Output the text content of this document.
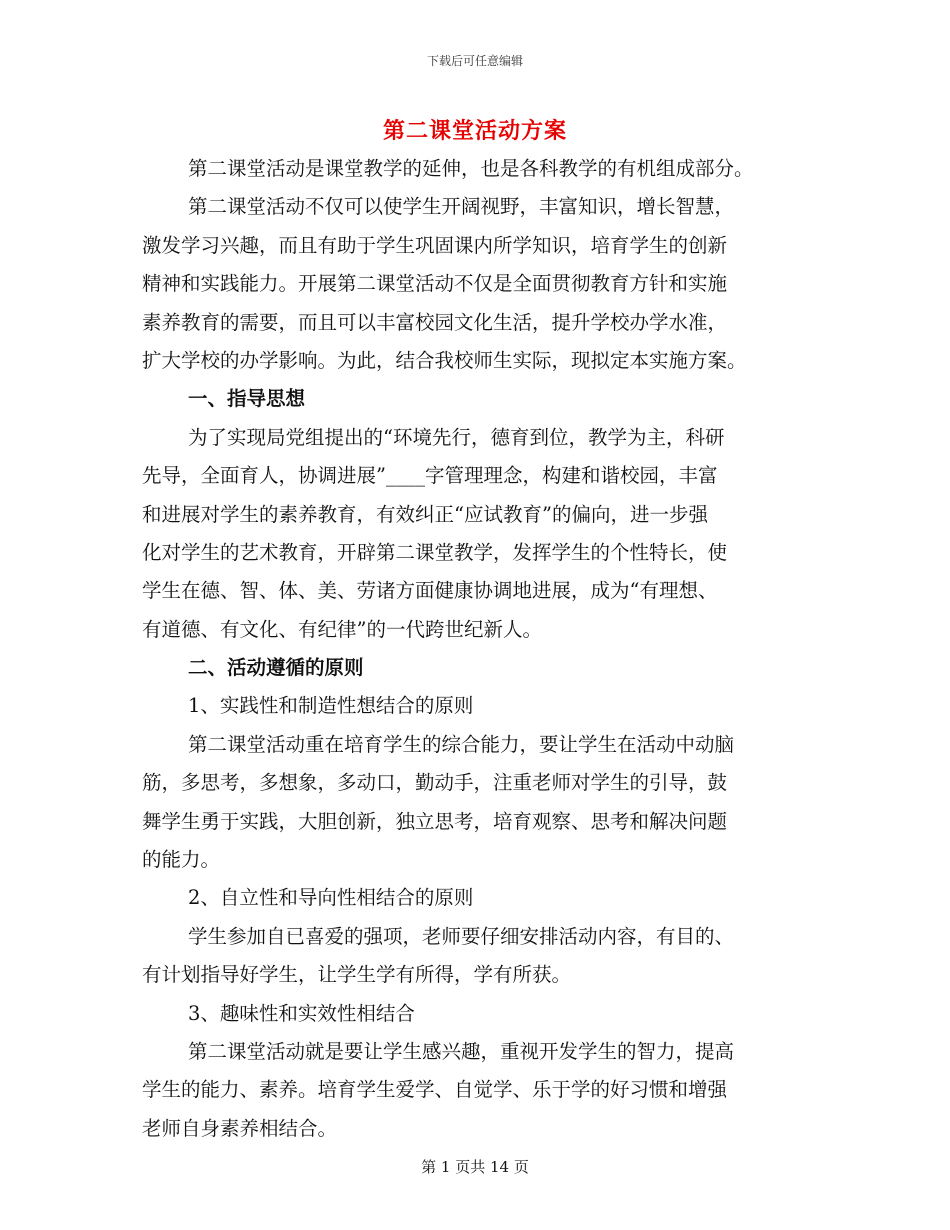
下载后可任意编辑
第二课堂活动方案
第二课堂活动是课堂教学的延伸，也是各科教学的有机组成部分。
第二课堂活动不仅可以使学生开阔视野，丰富知识，增长智慧，
激发学习兴趣，而且有助于学生巩固课内所学知识，培育学生的创新
精神和实践能力。开展第二课堂活动不仅是全面贯彻教育方针和实施
素养教育的需要，而且可以丰富校园文化生活，提升学校办学水准，
扩大学校的办学影响。为此，结合我校师生实际，现拟定本实施方案。
一、指导思想
为了实现局党组提出的“环境先行，德育到位，教学为主，科研
先导，全面育人，协调进展”____字管理理念，构建和谐校园，丰富
和进展对学生的素养教育，有效纠正“应试教育”的偏向，进一步强
化对学生的艺术教育，开辟第二课堂教学，发挥学生的个性特长，使
学生在德、智、体、美、劳诸方面健康协调地进展，成为“有理想、
有道德、有文化、有纪律”的一代跨世纪新人。
二、活动遵循的原则
1、实践性和制造性想结合的原则
第二课堂活动重在培育学生的综合能力，要让学生在活动中动脑
筋，多思考，多想象，多动口，勤动手，注重老师对学生的引导，鼓
舞学生勇于实践，大胆创新，独立思考，培育观察、思考和解决问题
的能力。
2、自立性和导向性相结合的原则
学生参加自已喜爱的强项，老师要仔细安排活动内容，有目的、
有计划指导好学生，让学生学有所得，学有所获。
3、趣味性和实效性相结合
第二课堂活动就是要让学生感兴趣，重视开发学生的智力，提高
学生的能力、素养。培育学生爱学、自觉学、乐于学的好习惯和增强
老师自身素养相结合。
第 1 页共 14 页
